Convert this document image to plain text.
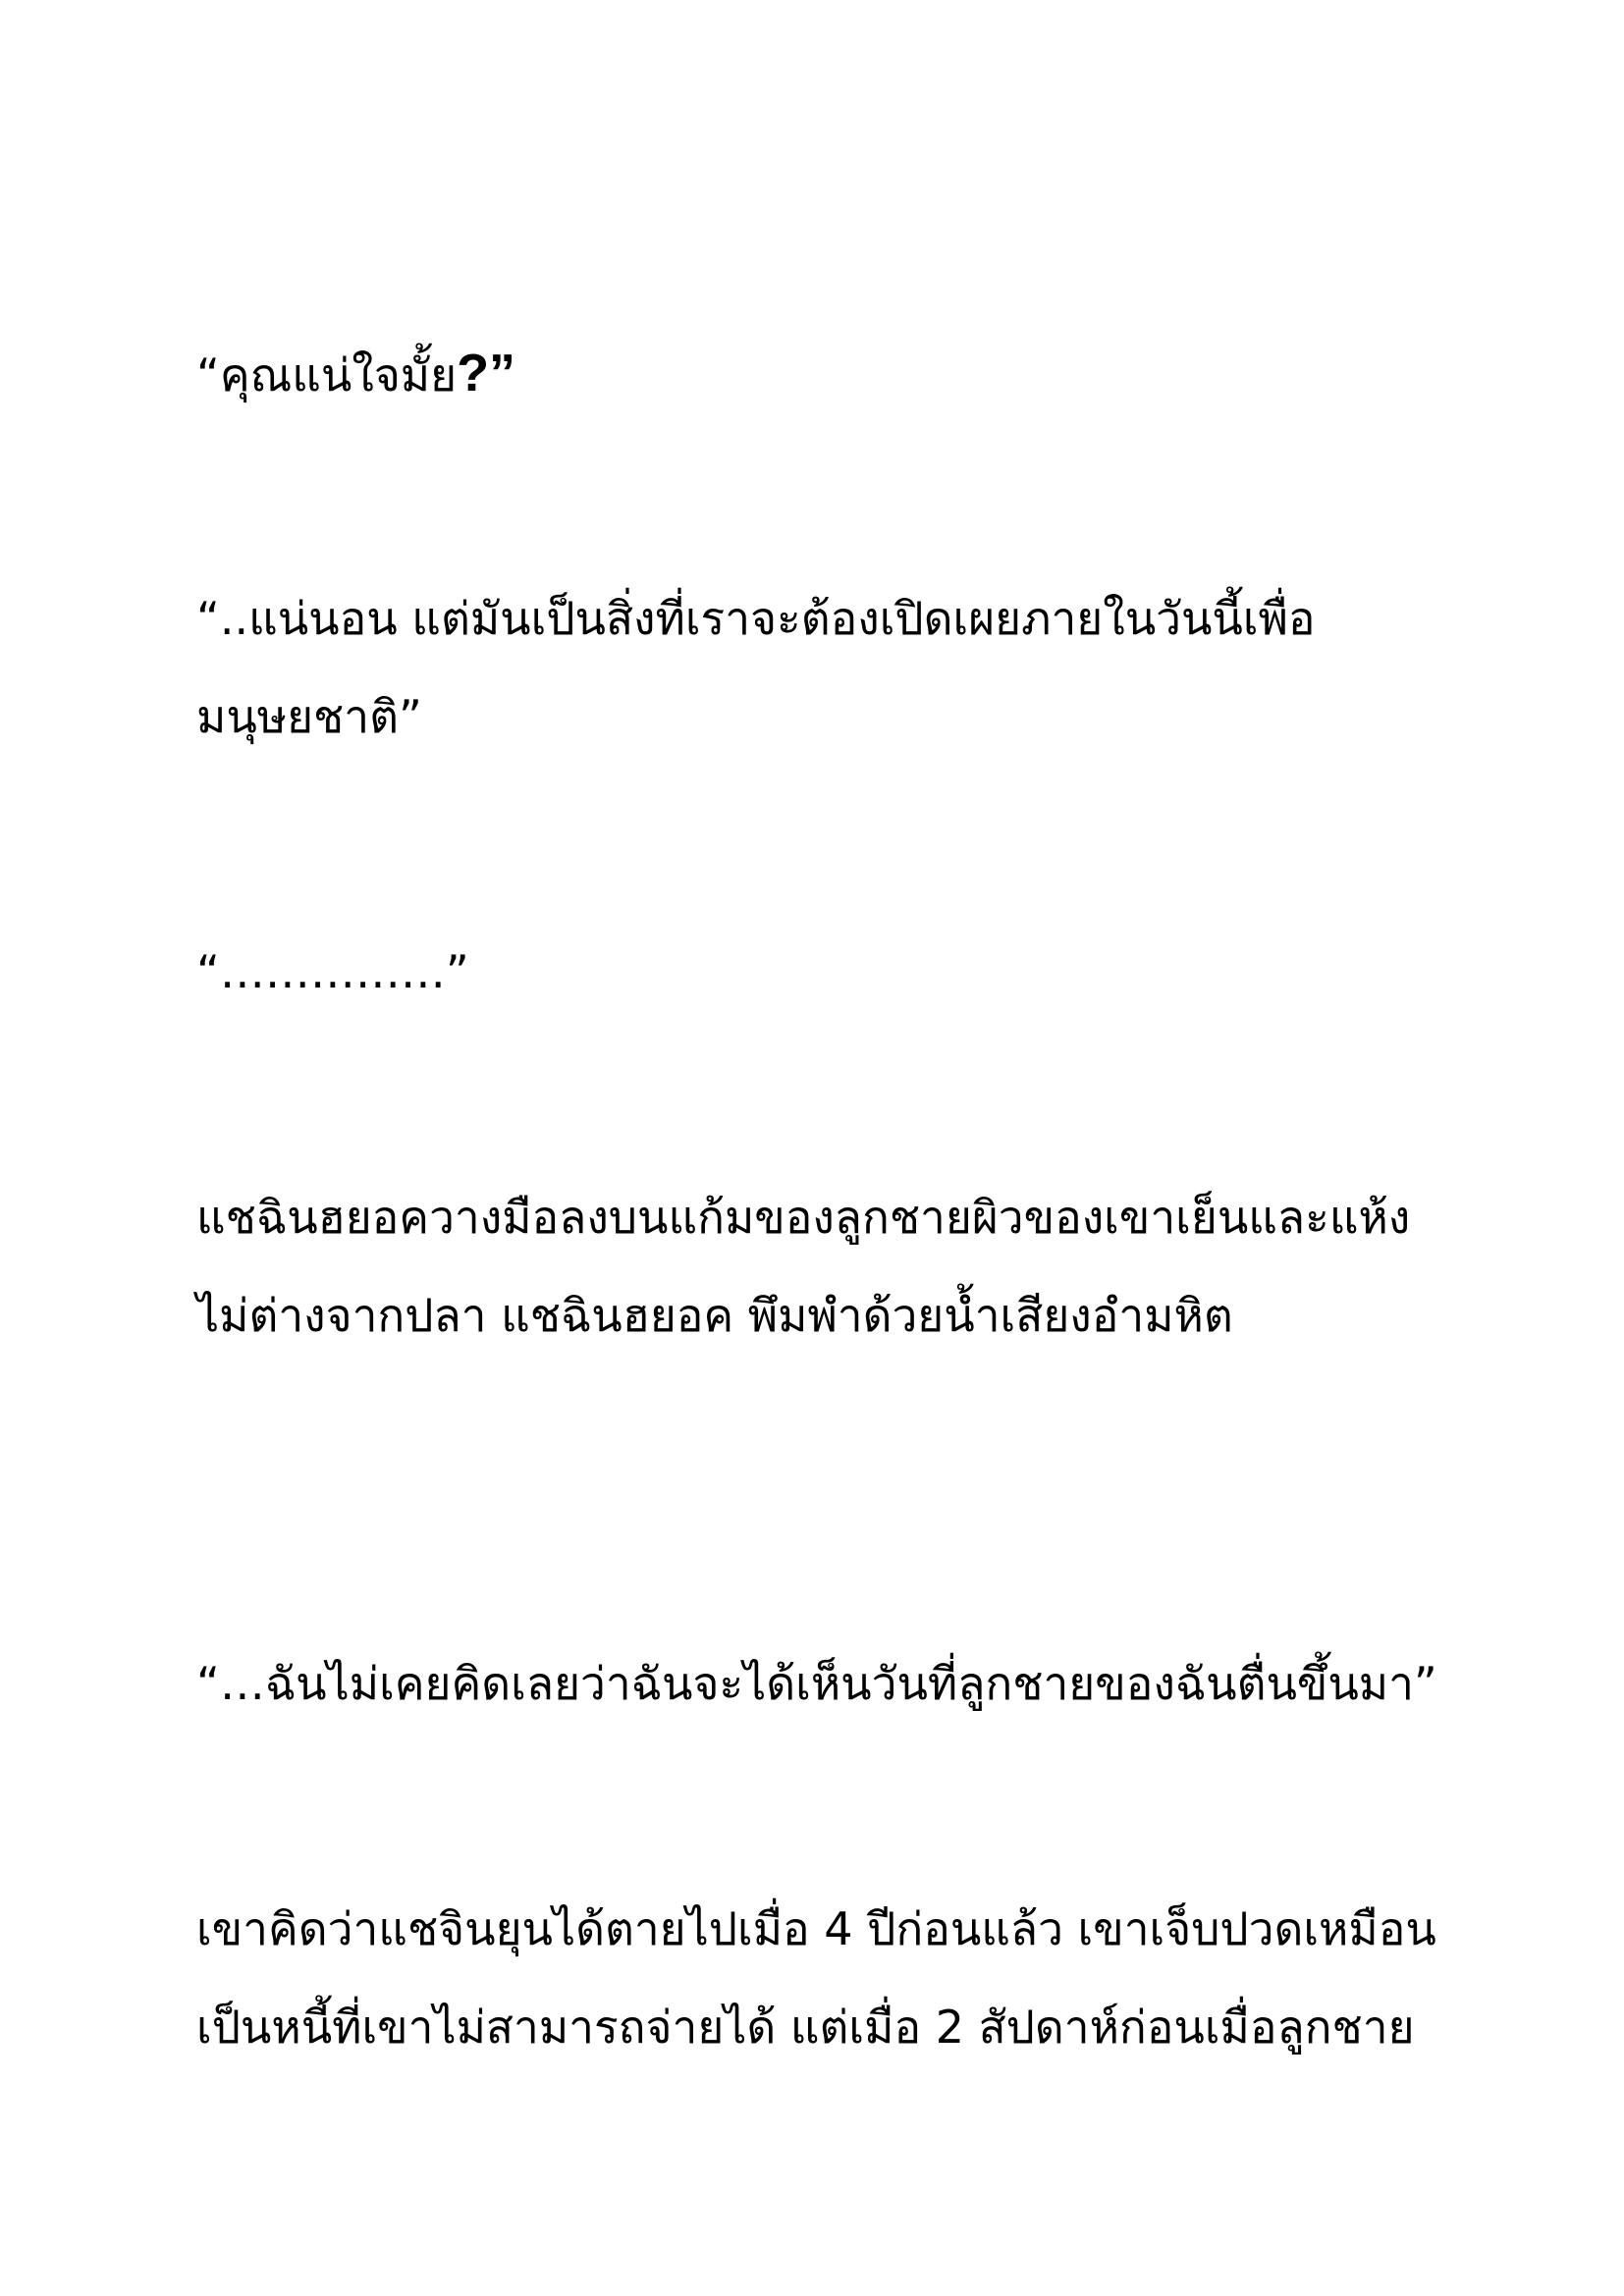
“คุณแน่ใจมั้ย?”

“..แน่นอน แต่มันเป็นสิ่งที่เราจะต้องเปิดเผยภายในวันนี้เพื่อ
มนุษยชาติ”

“……………”

แชฉินฮยอควางมือลงบนแก้มของลูกชายผิวของเขาเย็นและแห้ง
ไม่ต่างจากปลา แชฉินฮยอค พึมพำด้วยน้ำเสียงอำมหิต

“…ฉันไม่เคยคิดเลยว่าฉันจะได้เห็นวันที่ลูกชายของฉันตื่นขึ้นมา”

เขาคิดว่าแชจินยุนได้ตายไปเมื่อ 4 ปีก่อนแล้ว เขาเจ็บปวดเหมือน
เป็นหนี้ที่เขาไม่สามารถจ่ายได้ แต่เมื่อ 2 สัปดาห์ก่อนเมื่อลูกชาย
